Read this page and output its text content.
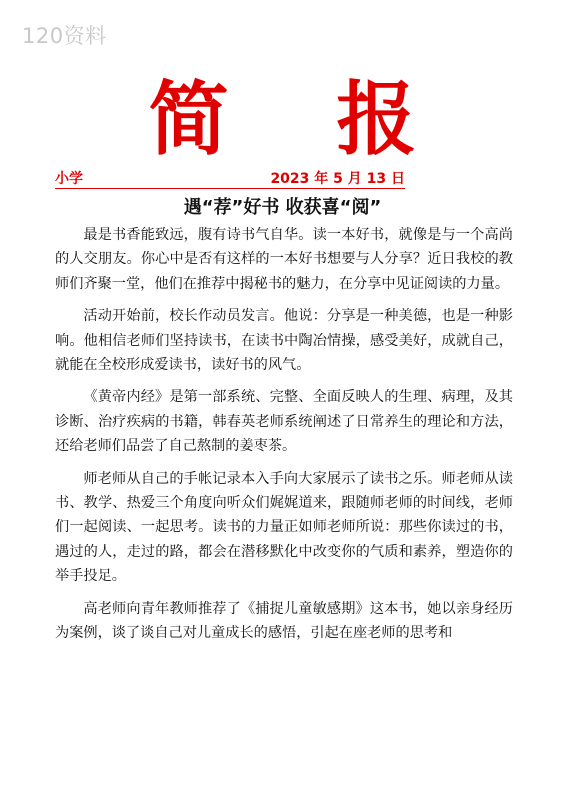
120资料
简 报
小学	2023 年 5 月 13 日
遇“荐”好书 收获喜“阅”

最是书香能致远，腹有诗书气自华。读一本好书，就像是与一个高尚的人交朋友。你心中是否有这样的一本好书想要与人分享？近日我校的教师们齐聚一堂，他们在推荐中揭秘书的魅力，在分享中见证阅读的力量。

活动开始前，校长作动员发言。他说：分享是一种美德，也是一种影响。他相信老师们坚持读书，在读书中陶冶情操，感受美好，成就自己，就能在全校形成爱读书，读好书的风气。

《黄帝内经》是第一部系统、完整、全面反映人的生理、病理，及其诊断、治疗疾病的书籍，韩春英老师系统阐述了日常养生的理论和方法，还给老师们品尝了自己熬制的姜枣茶。

师老师从自己的手帐记录本入手向大家展示了读书之乐。师老师从读书、教学、热爱三个角度向听众们娓娓道来，跟随师老师的时间线，老师们一起阅读、一起思考。读书的力量正如师老师所说：那些你读过的书，遇过的人，走过的路，都会在潜移默化中改变你的气质和素养，塑造你的举手投足。

高老师向青年教师推荐了《捕捉儿童敏感期》这本书，她以亲身经历为案例，谈了谈自己对儿童成长的感悟，引起在座老师的思考和
